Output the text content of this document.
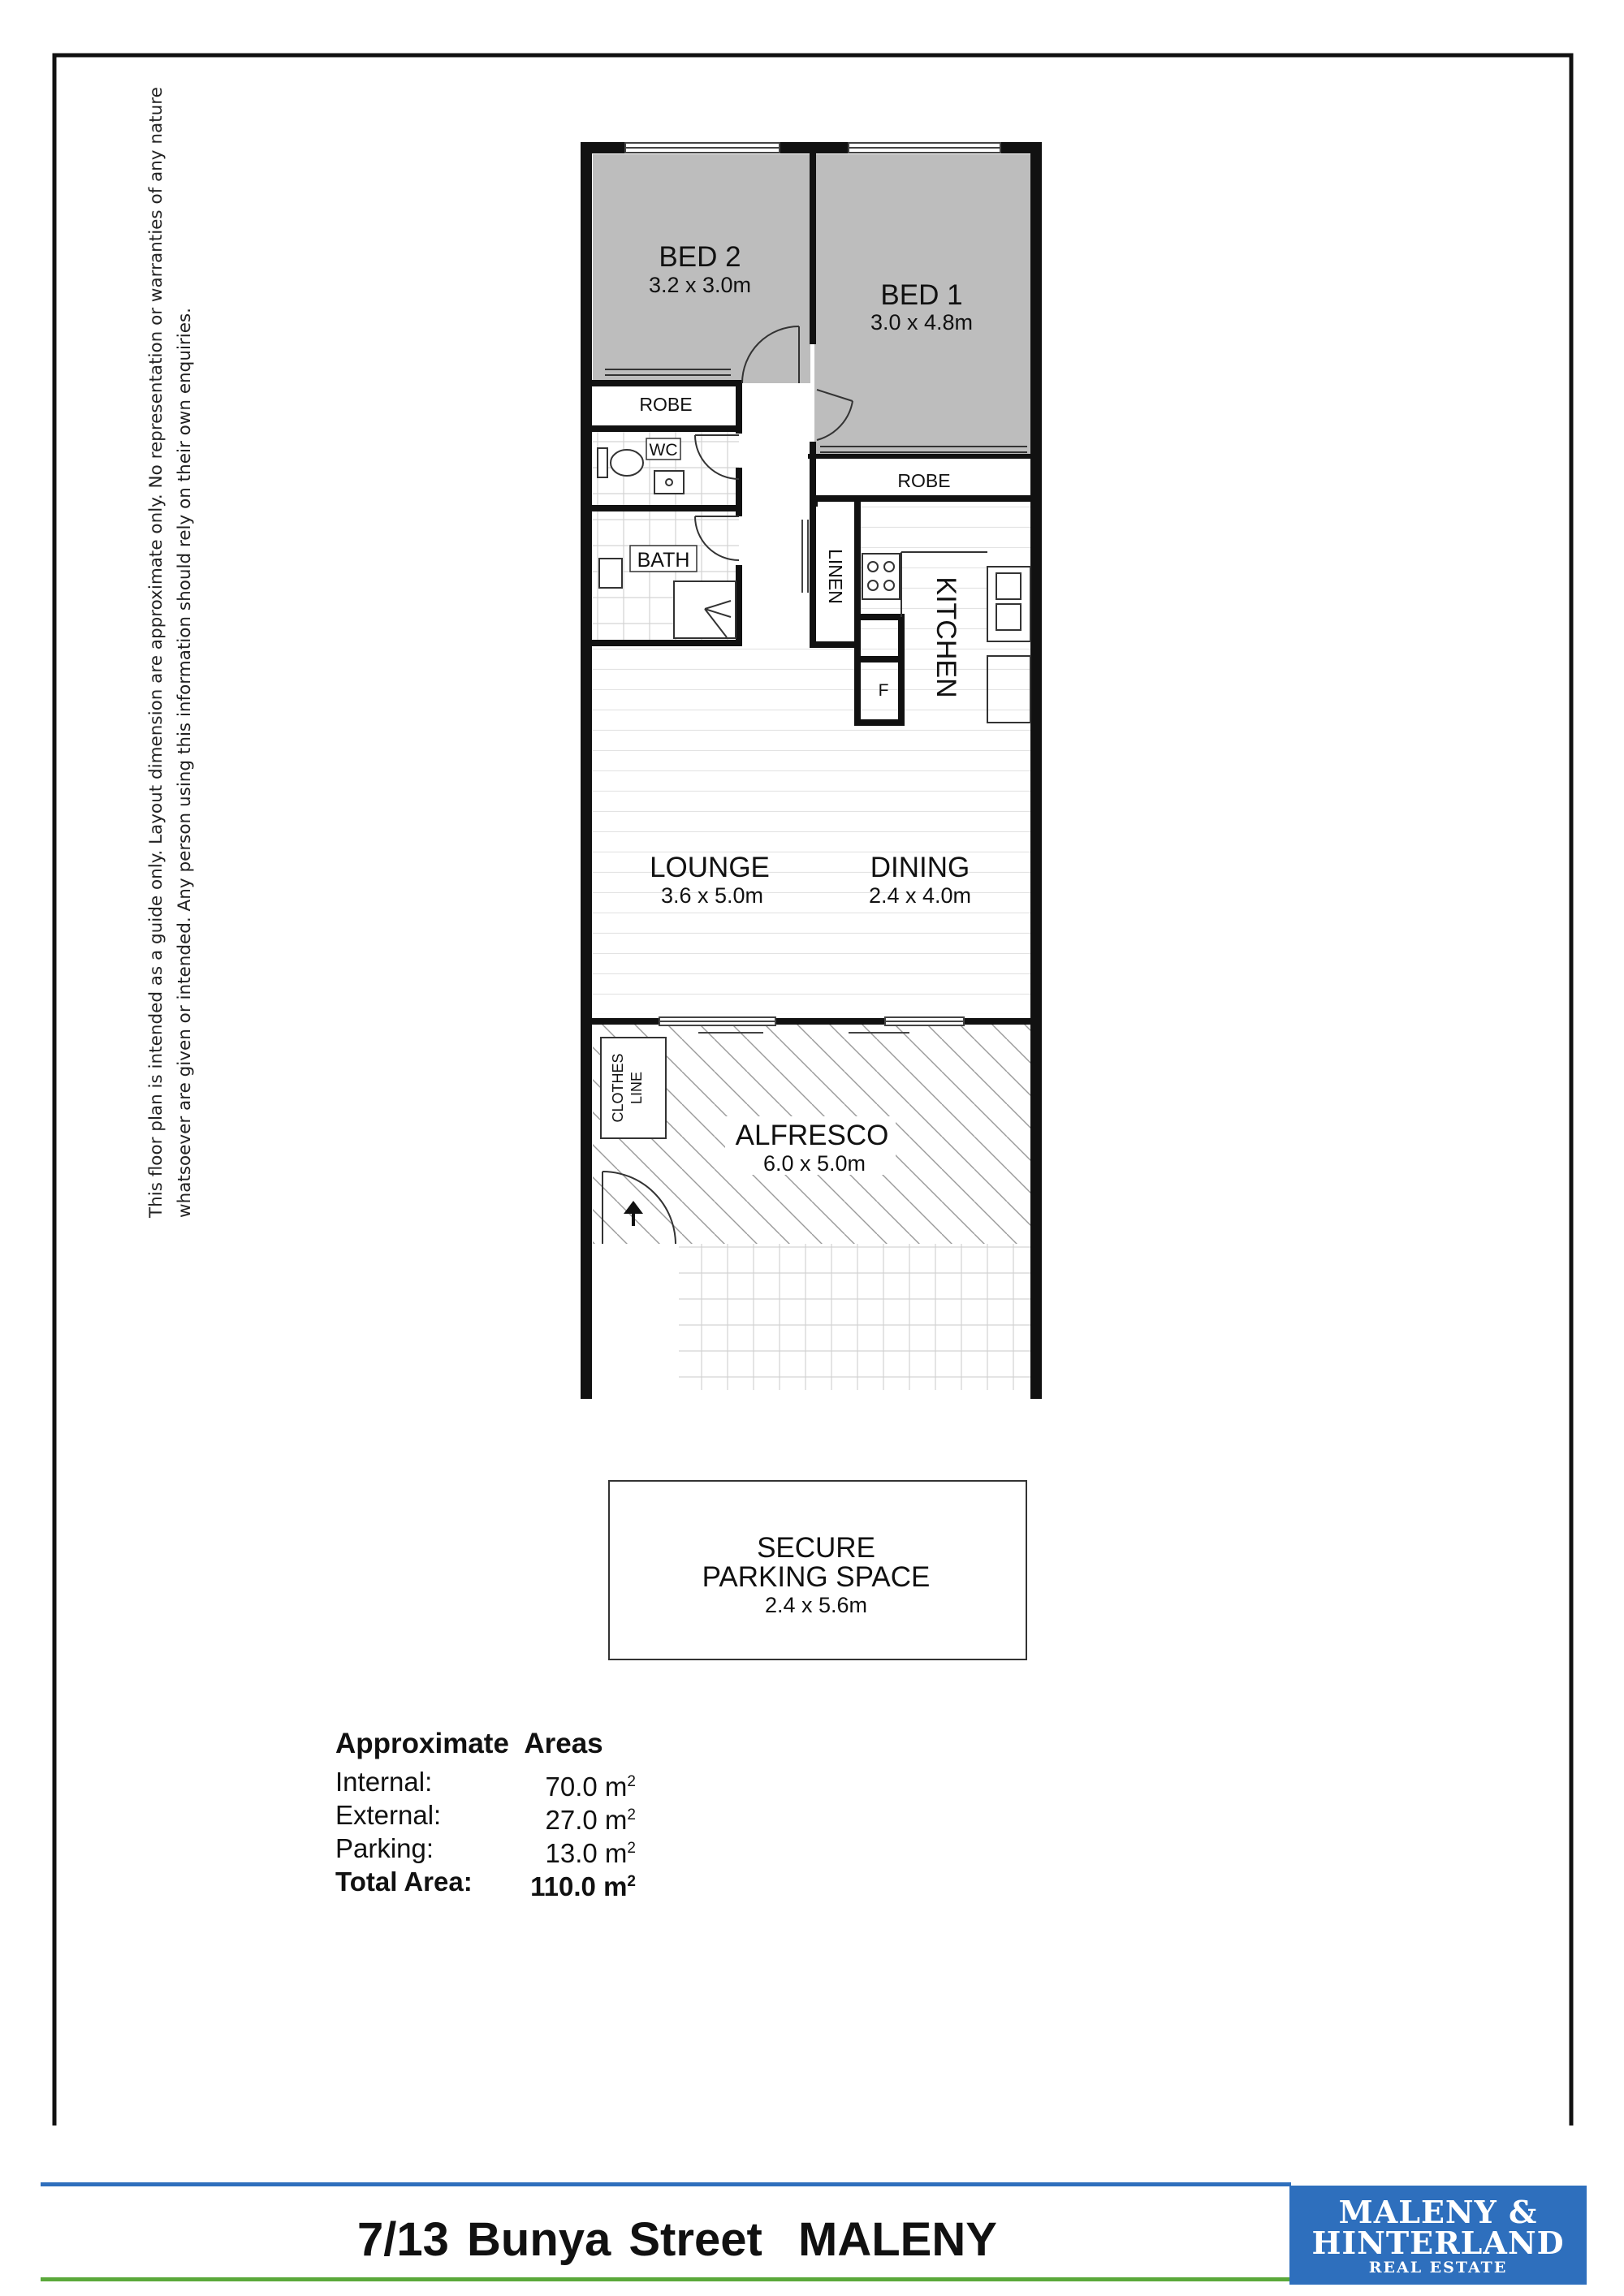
BED 2
3.2 x 3.0m	BED 1
3.0 x 4.8m
ROBE
ROBE
WC
BATH	LINEN
KITCHEN
F
LOUNGE
3.6 x 5.0m
DINING
2.4 x 4.0m
CLOTHES LINE
ALFRESCO
6.0 x 5.0m
SECURE
PARKING SPACE
2.4 x 5.6m
This floor plan is intended as a guide only. Layout dimension are approximate only. No representation or warranties of any nature whatsoever are given or intended. Any person using this information should rely on their own enquiries.
Approximate Areas
Internal:	70.0 $m^2$
External:	27.0 $m^2$
Parking:	13.0 $m^2$
Total Area: 110.0 $m^2$
7/13 Bunya Street  MALENY
MALENY &
HINTERLAND
REAL ESTATE
